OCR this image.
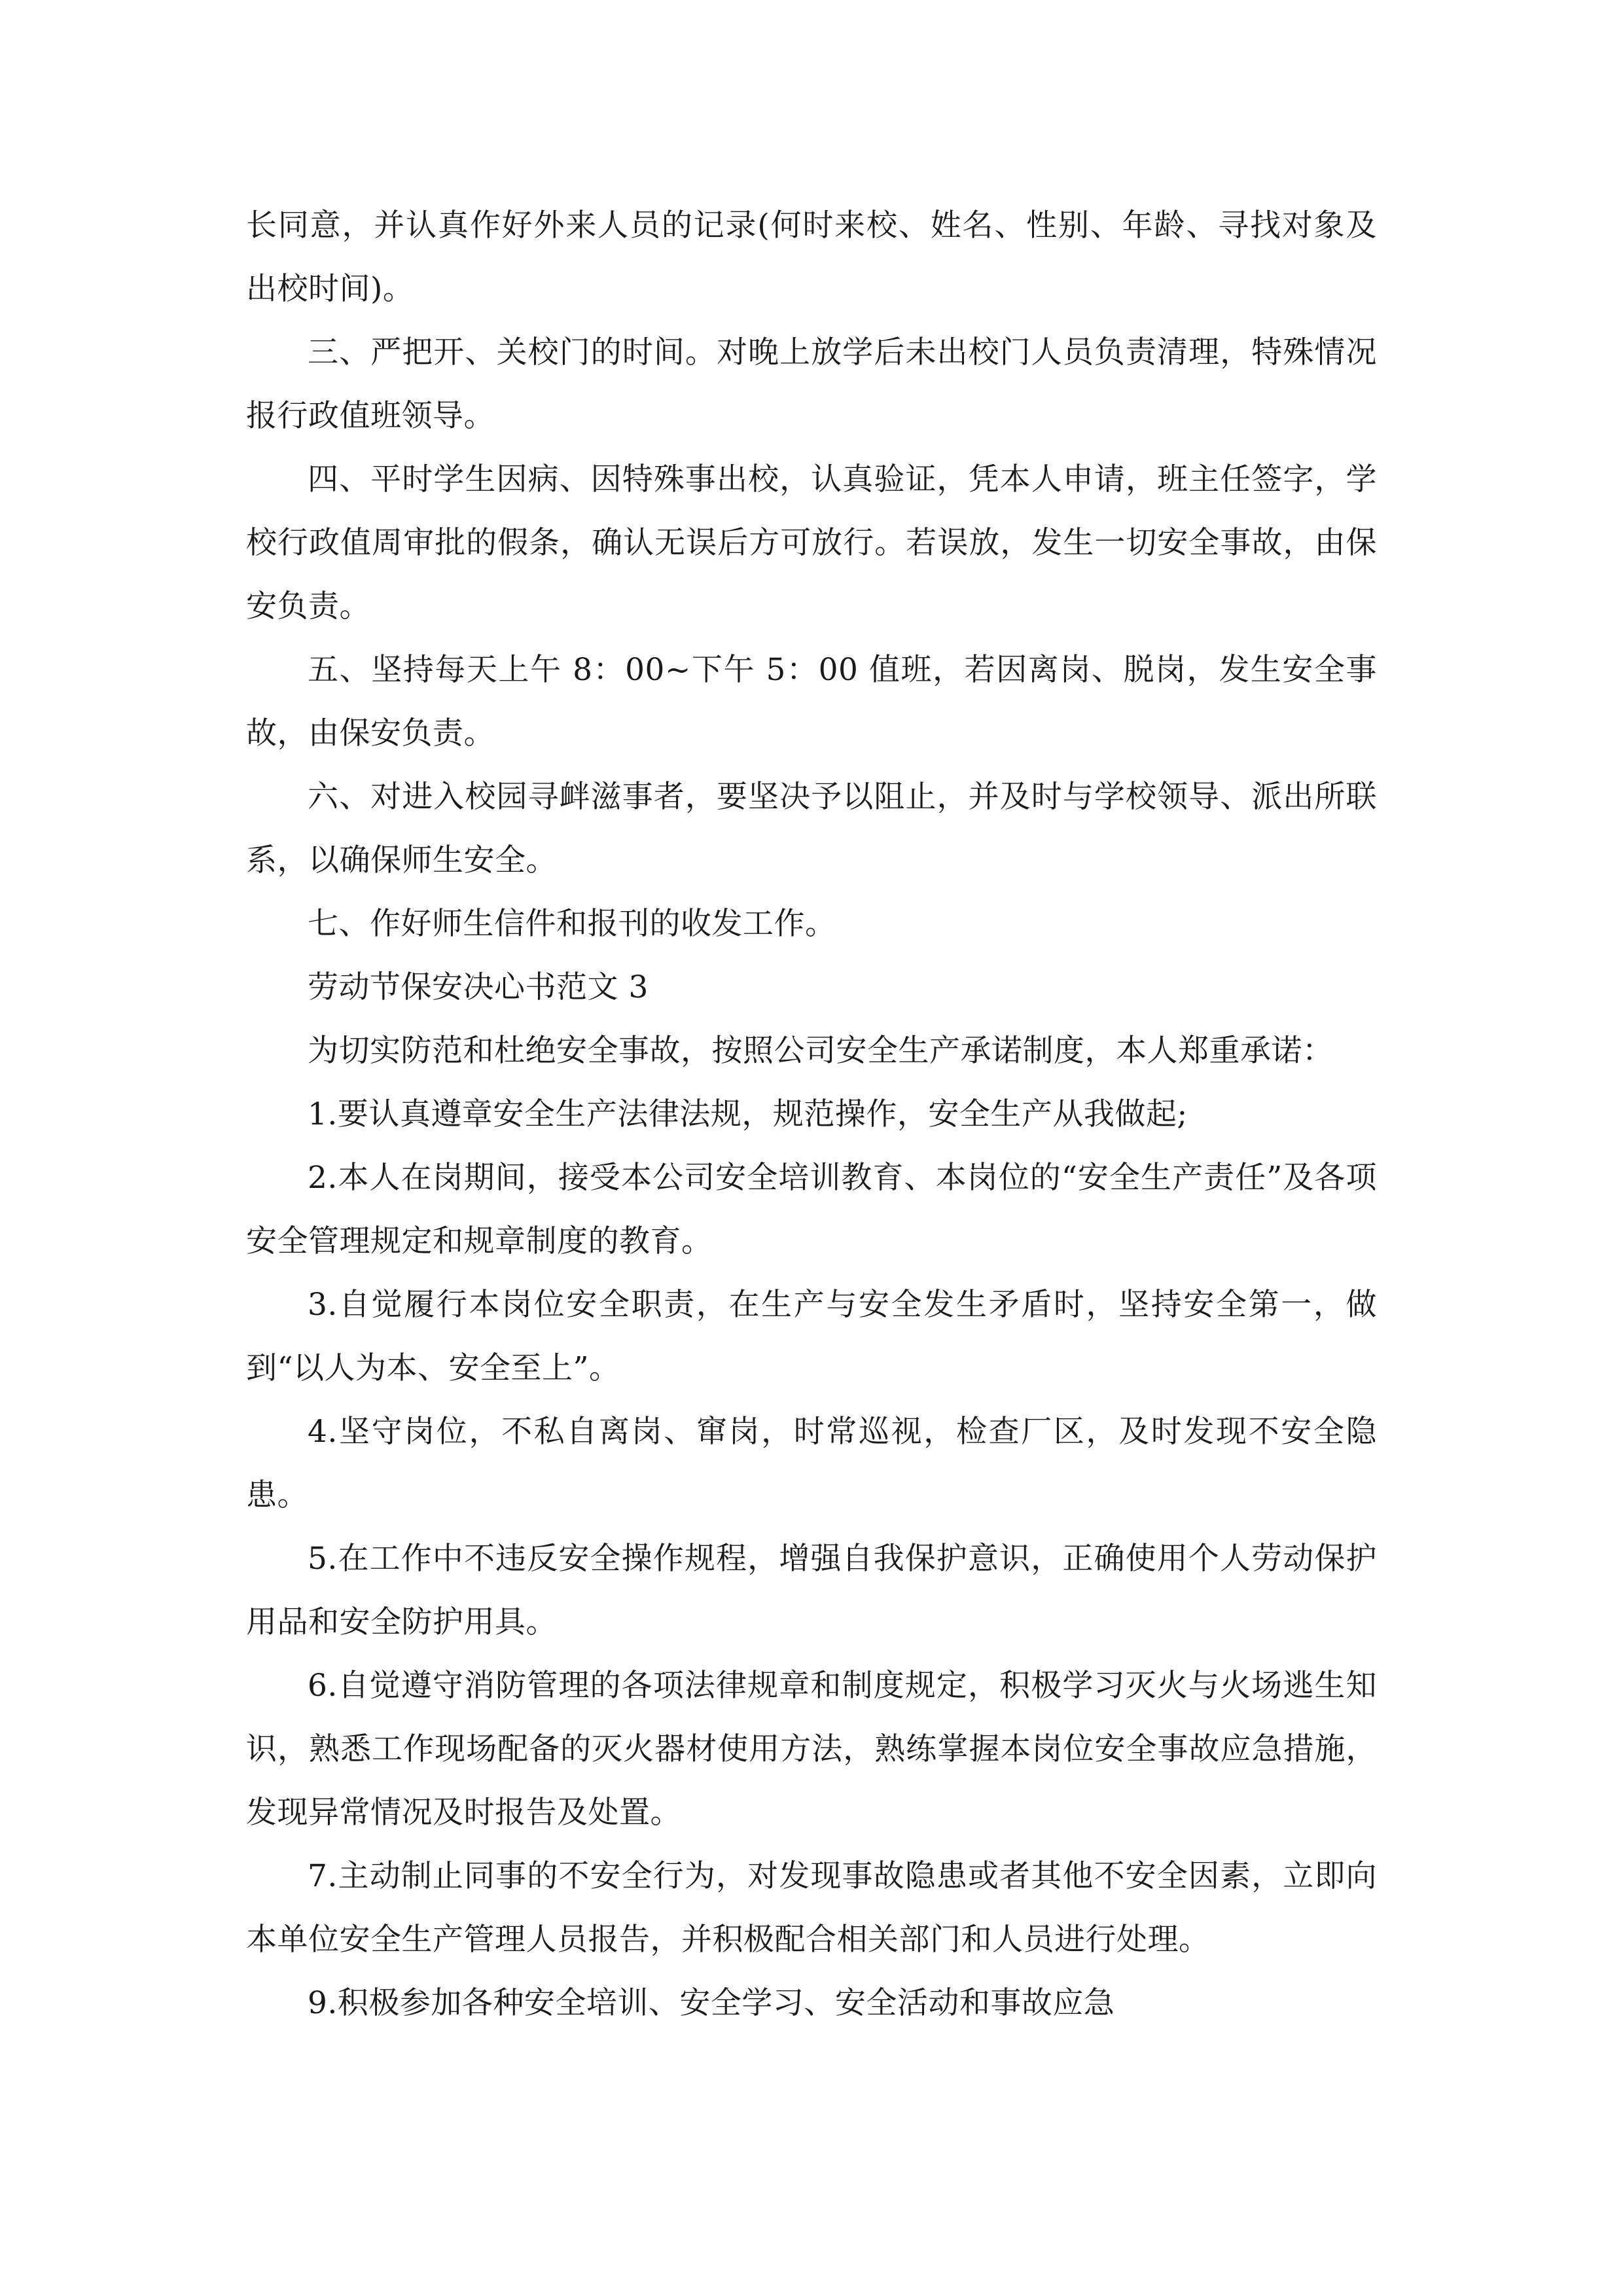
长同意，并认真作好外来人员的记录(何时来校、姓名、性别、年龄、寻找对象及出校时间)。

三、严把开、关校门的时间。对晚上放学后未出校门人员负责清理，特殊情况报行政值班领导。

四、平时学生因病、因特殊事出校，认真验证，凭本人申请，班主任签字，学校行政值周审批的假条，确认无误后方可放行。若误放，发生一切安全事故，由保安负责。

五、坚持每天上午 8：00~下午 5：00 值班，若因离岗、脱岗，发生安全事故，由保安负责。

六、对进入校园寻衅滋事者，要坚决予以阻止，并及时与学校领导、派出所联系，以确保师生安全。

七、作好师生信件和报刊的收发工作。

劳动节保安决心书范文 3

为切实防范和杜绝安全事故，按照公司安全生产承诺制度，本人郑重承诺：

1.要认真遵章安全生产法律法规，规范操作，安全生产从我做起;

2.本人在岗期间，接受本公司安全培训教育、本岗位的“安全生产责任”及各项安全管理规定和规章制度的教育。

3.自觉履行本岗位安全职责，在生产与安全发生矛盾时，坚持安全第一，做到“以人为本、安全至上”。

4.坚守岗位，不私自离岗、窜岗，时常巡视，检查厂区，及时发现不安全隐患。

5.在工作中不违反安全操作规程，增强自我保护意识，正确使用个人劳动保护用品和安全防护用具。

6.自觉遵守消防管理的各项法律规章和制度规定，积极学习灭火与火场逃生知识，熟悉工作现场配备的灭火器材使用方法，熟练掌握本岗位安全事故应急措施，发现异常情况及时报告及处置。

7.主动制止同事的不安全行为，对发现事故隐患或者其他不安全因素，立即向本单位安全生产管理人员报告，并积极配合相关部门和人员进行处理。

9.积极参加各种安全培训、安全学习、安全活动和事故应急
